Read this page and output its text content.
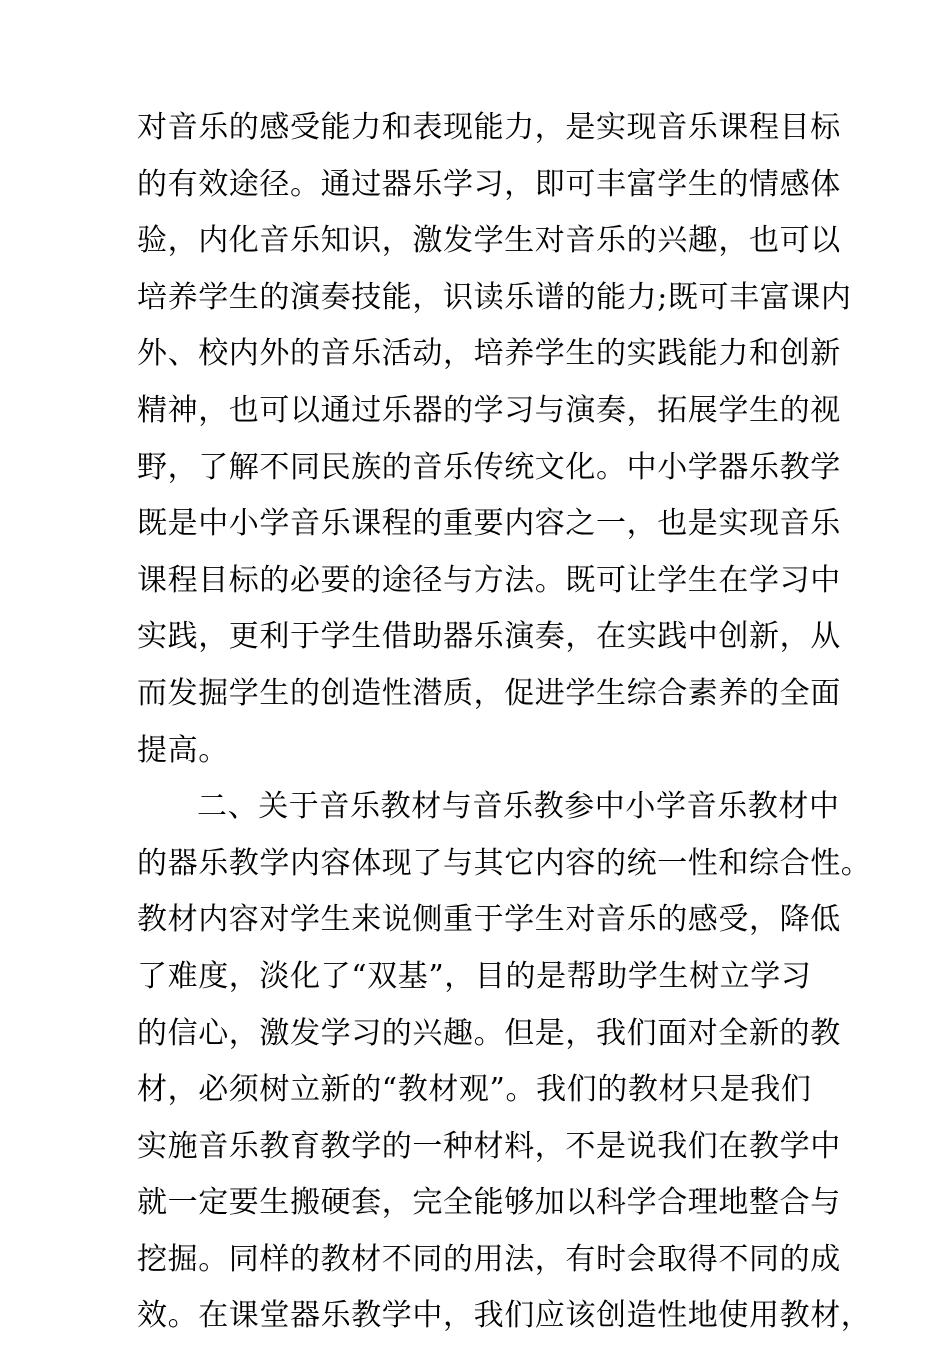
对音乐的感受能力和表现能力，是实现音乐课程目标
的有效途径。通过器乐学习，即可丰富学生的情感体
验，内化音乐知识，激发学生对音乐的兴趣，也可以
培养学生的演奏技能，识读乐谱的能力;既可丰富课内
外、校内外的音乐活动，培养学生的实践能力和创新
精神，也可以通过乐器的学习与演奏，拓展学生的视
野，了解不同民族的音乐传统文化。中小学器乐教学
既是中小学音乐课程的重要内容之一，也是实现音乐
课程目标的必要的途径与方法。既可让学生在学习中
实践，更利于学生借助器乐演奏，在实践中创新，从
而发掘学生的创造性潜质，促进学生综合素养的全面
提高。
二、关于音乐教材与音乐教参中小学音乐教材中
的器乐教学内容体现了与其它内容的统一性和综合性。
教材内容对学生来说侧重于学生对音乐的感受，降低
了难度，淡化了“双基”，目的是帮助学生树立学习
的信心，激发学习的兴趣。但是，我们面对全新的教
材，必须树立新的“教材观”。我们的教材只是我们
实施音乐教育教学的一种材料，不是说我们在教学中
就一定要生搬硬套，完全能够加以科学合理地整合与
挖掘。同样的教材不同的用法，有时会取得不同的成
效。在课堂器乐教学中，我们应该创造性地使用教材，
